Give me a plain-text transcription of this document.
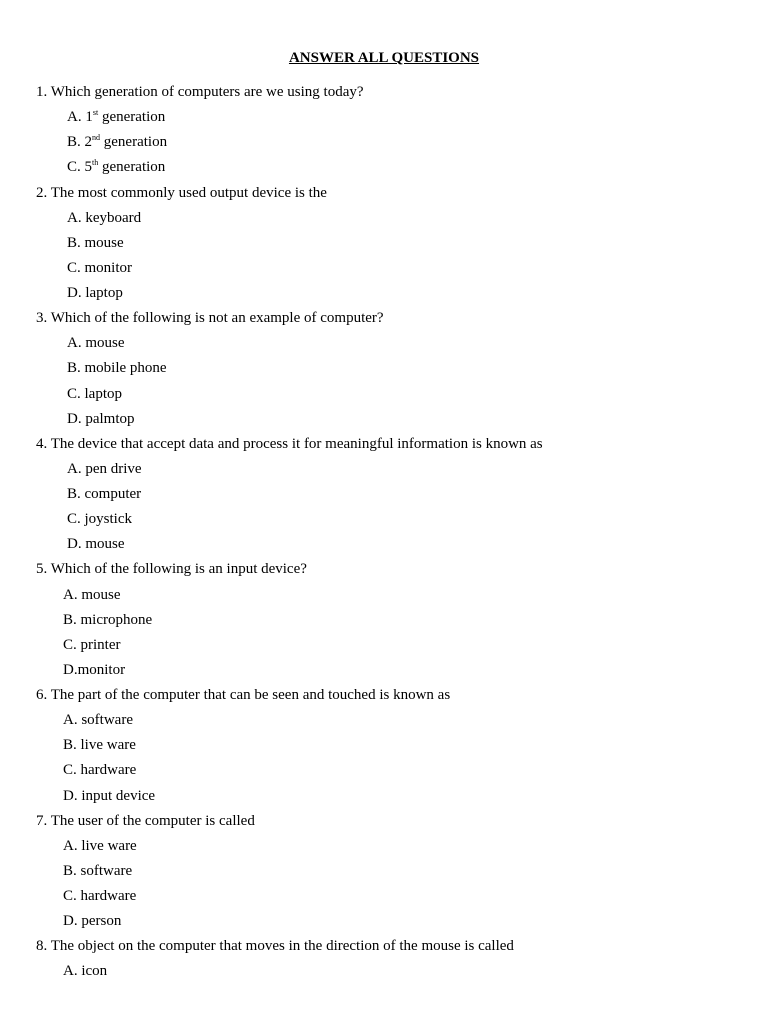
ANSWER ALL QUESTIONS
1. Which generation of computers are we using today?
A. 1st generation
B. 2nd generation
C. 5th generation
2. The most commonly used output device is the
A. keyboard
B. mouse
C. monitor
D. laptop
3. Which of the following is not an example of computer?
A. mouse
B. mobile phone
C. laptop
D. palmtop
4. The device that accept data and process it for meaningful information is known as
A. pen drive
B. computer
C. joystick
D. mouse
5. Which of the following is an input device?
A. mouse
B. microphone
C. printer
D.monitor
6. The part of the computer that can be seen and touched is known as
A. software
B. live ware
C. hardware
D. input device
7. The user of the computer is called
A. live ware
B. software
C. hardware
D. person
8. The object on the computer that moves in the direction of the mouse is called
A. icon
